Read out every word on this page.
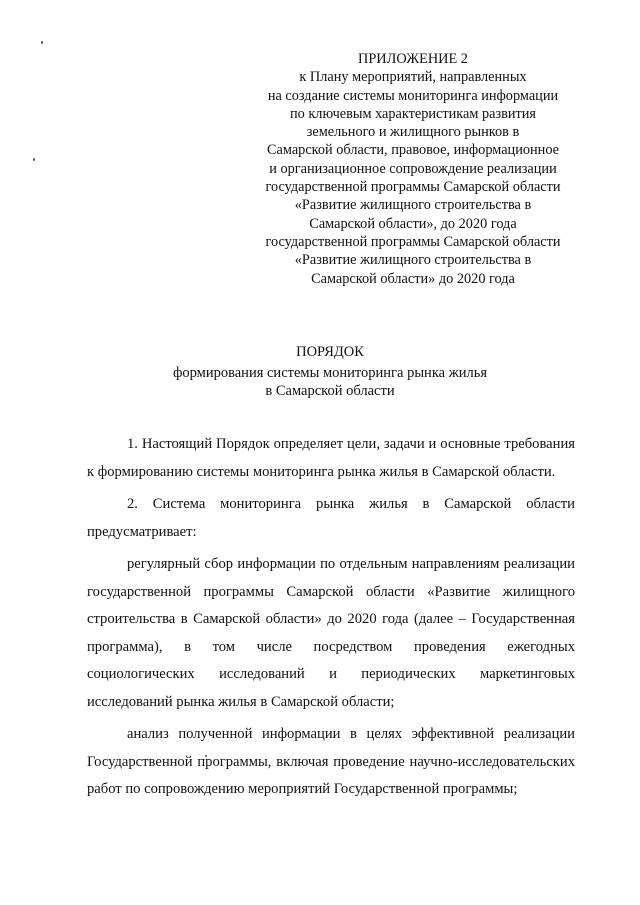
ПРИЛОЖЕНИЕ 2
к Плану мероприятий, направленных
на создание системы мониторинга информации
по ключевым характеристикам развития
земельного и жилищного рынков в
Самарской области, правовое, информационное
и организационное сопровождение реализации
государственной программы Самарской области
«Развитие жилищного строительства в
Самарской области», до 2020 года
государственной программы Самарской области
«Развитие жилищного строительства в
Самарской области» до 2020 года
ПОРЯДОК
формирования системы мониторинга рынка жилья
в Самарской области

1. Настоящий Порядок определяет цели, задачи и основные требования к формированию системы мониторинга рынка жилья в Самарской области.

2. Система мониторинга рынка жилья в Самарской области предусматривает:

регулярный сбор информации по отдельным направлениям реализации государственной программы Самарской области «Развитие жилищного строительства в Самарской области» до 2020 года (далее – Государственная программа), в том числе посредством проведения ежегодных социологических исследований и периодических маркетинговых исследований рынка жилья в Самарской области;

анализ полученной информации в целях эффективной реализации Государственной программы, включая проведение научно-исследовательских работ по сопровождению мероприятий Государственной программы;
